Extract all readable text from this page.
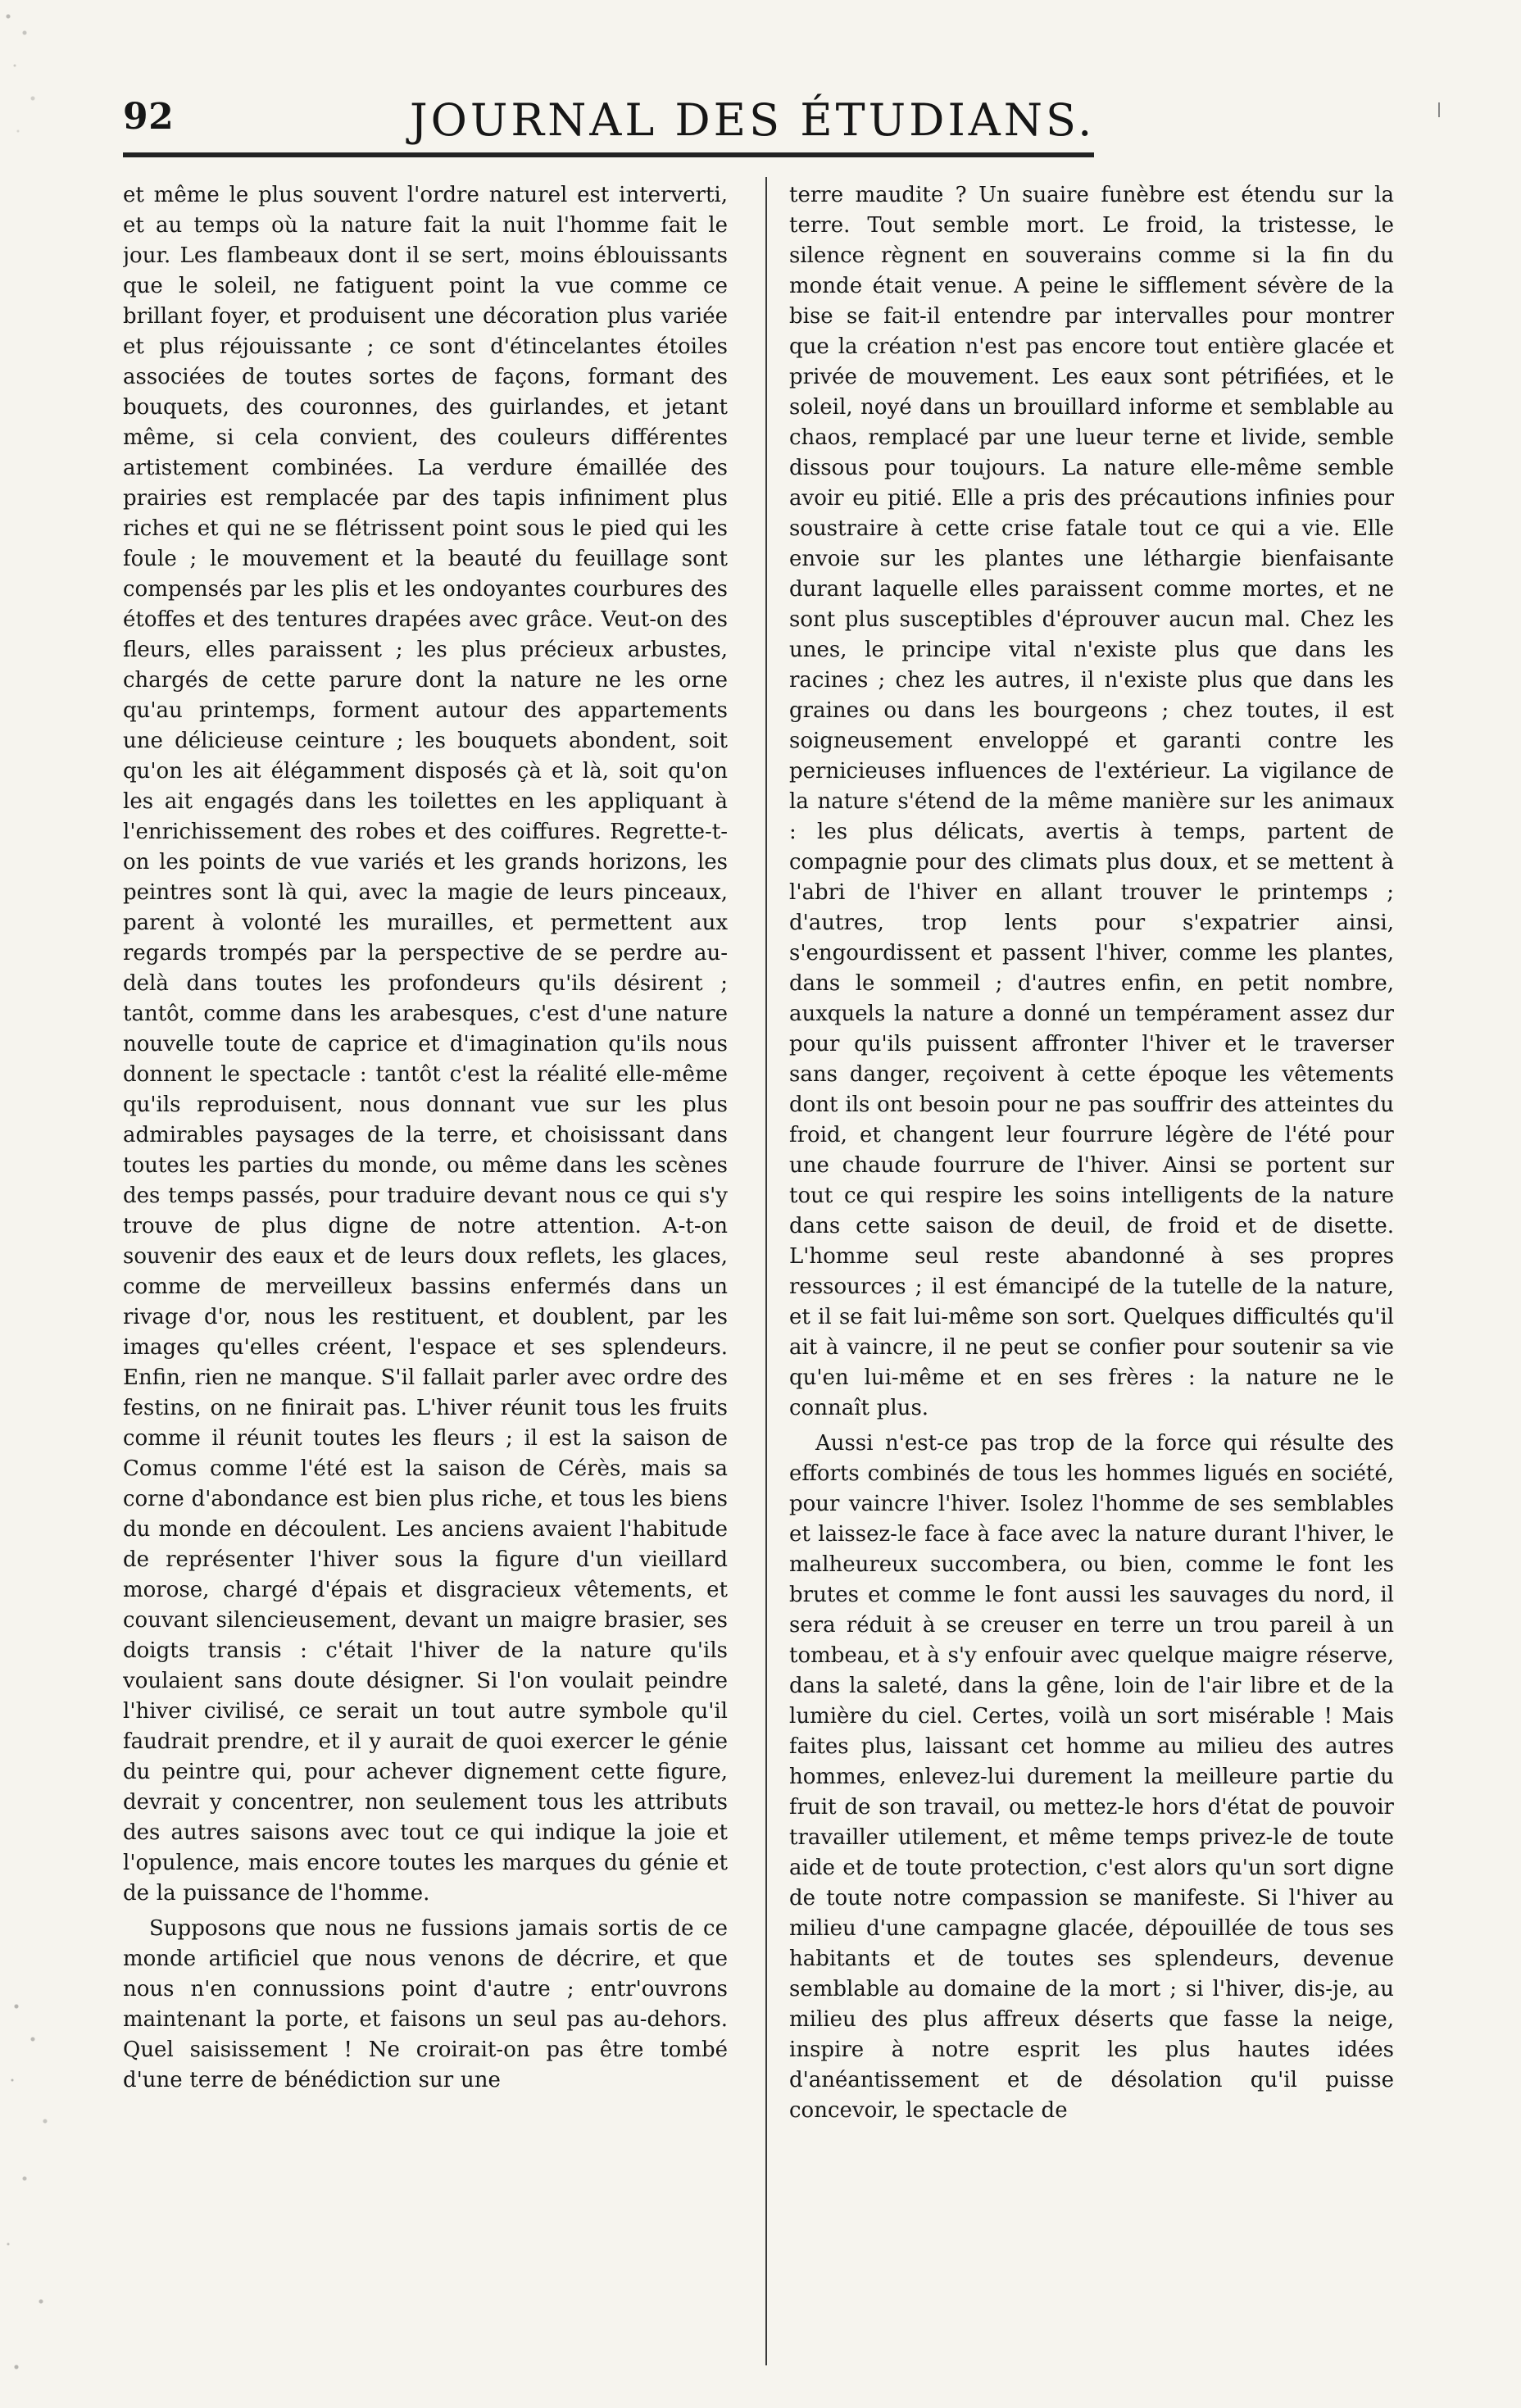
92	JOURNAL DES ÉTUDIANS.

et même le plus souvent l'ordre naturel est interverti, et au temps où la nature fait la nuit l'homme fait le jour. Les flambeaux dont il se sert, moins éblouissants que le soleil, ne fatiguent point la vue comme ce brillant foyer, et produisent une décoration plus variée et plus réjouissante ; ce sont d'étincelantes étoiles associées de toutes sortes de façons, formant des bouquets, des couronnes, des guirlandes, et jetant même, si cela convient, des couleurs différentes artistement combinées. La verdure émaillée des prairies est remplacée par des tapis infiniment plus riches et qui ne se flétrissent point sous le pied qui les foule ; le mouvement et la beauté du feuillage sont compensés par les plis et les ondoyantes courbures des étoffes et des tentures drapées avec grâce. Veut-on des fleurs, elles paraissent ; les plus précieux arbustes, chargés de cette parure dont la nature ne les orne qu'au printemps, forment autour des appartements une délicieuse ceinture ; les bouquets abondent, soit qu'on les ait élégamment disposés çà et là, soit qu'on les ait engagés dans les toilettes en les appliquant à l'enrichissement des robes et des coiffures. Regrette-t-on les points de vue variés et les grands horizons, les peintres sont là qui, avec la magie de leurs pinceaux, parent à volonté les murailles, et permettent aux regards trompés par la perspective de se perdre au-delà dans toutes les profondeurs qu'ils désirent ; tantôt, comme dans les arabesques, c'est d'une nature nouvelle toute de caprice et d'imagination qu'ils nous donnent le spectacle : tantôt c'est la réalité elle-même qu'ils reproduisent, nous donnant vue sur les plus admirables paysages de la terre, et choisissant dans toutes les parties du monde, ou même dans les scènes des temps passés, pour traduire devant nous ce qui s'y trouve de plus digne de notre attention. A-t-on souvenir des eaux et de leurs doux reflets, les glaces, comme de merveilleux bassins enfermés dans un rivage d'or, nous les restituent, et doublent, par les images qu'elles créent, l'espace et ses splendeurs. Enfin, rien ne manque. S'il fallait parler avec ordre des festins, on ne finirait pas. L'hiver réunit tous les fruits comme il réunit toutes les fleurs ; il est la saison de Comus comme l'été est la saison de Cérès, mais sa corne d'abondance est bien plus riche, et tous les biens du monde en découlent. Les anciens avaient l'habitude de représenter l'hiver sous la figure d'un vieillard morose, chargé d'épais et disgracieux vêtements, et couvant silencieusement, devant un maigre brasier, ses doigts transis : c'était l'hiver de la nature qu'ils voulaient sans doute désigner. Si l'on voulait peindre l'hiver civilisé, ce serait un tout autre symbole qu'il faudrait prendre, et il y aurait de quoi exercer le génie du peintre qui, pour achever dignement cette figure, devrait y concentrer, non seulement tous les attributs des autres saisons avec tout ce qui indique la joie et l'opulence, mais encore toutes les marques du génie et de la puissance de l'homme.

Supposons que nous ne fussions jamais sortis de ce monde artificiel que nous venons de décrire, et que nous n'en connussions point d'autre ; entr'ouvrons maintenant la porte, et faisons un seul pas au-dehors. Quel saisissement ! Ne croirait-on pas être tombé d'une terre de bénédiction sur une

terre maudite ? Un suaire funèbre est étendu sur la terre. Tout semble mort. Le froid, la tristesse, le silence règnent en souverains comme si la fin du monde était venue. A peine le sifflement sévère de la bise se fait-il entendre par intervalles pour montrer que la création n'est pas encore tout entière glacée et privée de mouvement. Les eaux sont pétrifiées, et le soleil, noyé dans un brouillard informe et semblable au chaos, remplacé par une lueur terne et livide, semble dissous pour toujours. La nature elle-même semble avoir eu pitié. Elle a pris des précautions infinies pour soustraire à cette crise fatale tout ce qui a vie. Elle envoie sur les plantes une léthargie bienfaisante durant laquelle elles paraissent comme mortes, et ne sont plus susceptibles d'éprouver aucun mal. Chez les unes, le principe vital n'existe plus que dans les racines ; chez les autres, il n'existe plus que dans les graines ou dans les bourgeons ; chez toutes, il est soigneusement enveloppé et garanti contre les pernicieuses influences de l'extérieur. La vigilance de la nature s'étend de la même manière sur les animaux : les plus délicats, avertis à temps, partent de compagnie pour des climats plus doux, et se mettent à l'abri de l'hiver en allant trouver le printemps ; d'autres, trop lents pour s'expatrier ainsi, s'engourdissent et passent l'hiver, comme les plantes, dans le sommeil ; d'autres enfin, en petit nombre, auxquels la nature a donné un tempérament assez dur pour qu'ils puissent affronter l'hiver et le traverser sans danger, reçoivent à cette époque les vêtements dont ils ont besoin pour ne pas souffrir des atteintes du froid, et changent leur fourrure légère de l'été pour une chaude fourrure de l'hiver. Ainsi se portent sur tout ce qui respire les soins intelligents de la nature dans cette saison de deuil, de froid et de disette. L'homme seul reste abandonné à ses propres ressources ; il est émancipé de la tutelle de la nature, et il se fait lui-même son sort. Quelques difficultés qu'il ait à vaincre, il ne peut se confier pour soutenir sa vie qu'en lui-même et en ses frères : la nature ne le connaît plus.

Aussi n'est-ce pas trop de la force qui résulte des efforts combinés de tous les hommes ligués en société, pour vaincre l'hiver. Isolez l'homme de ses semblables et laissez-le face à face avec la nature durant l'hiver, le malheureux succombera, ou bien, comme le font les brutes et comme le font aussi les sauvages du nord, il sera réduit à se creuser en terre un trou pareil à un tombeau, et à s'y enfouir avec quelque maigre réserve, dans la saleté, dans la gêne, loin de l'air libre et de la lumière du ciel. Certes, voilà un sort misérable ! Mais faites plus, laissant cet homme au milieu des autres hommes, enlevez-lui durement la meilleure partie du fruit de son travail, ou mettez-le hors d'état de pouvoir travailler utilement, et même temps privez-le de toute aide et de toute protection, c'est alors qu'un sort digne de toute notre compassion se manifeste. Si l'hiver au milieu d'une campagne glacée, dépouillée de tous ses habitants et de toutes ses splendeurs, devenue semblable au domaine de la mort ; si l'hiver, dis-je, au milieu des plus affreux déserts que fasse la neige, inspire à notre esprit les plus hautes idées d'anéantissement et de désolation qu'il puisse concevoir, le spectacle de
